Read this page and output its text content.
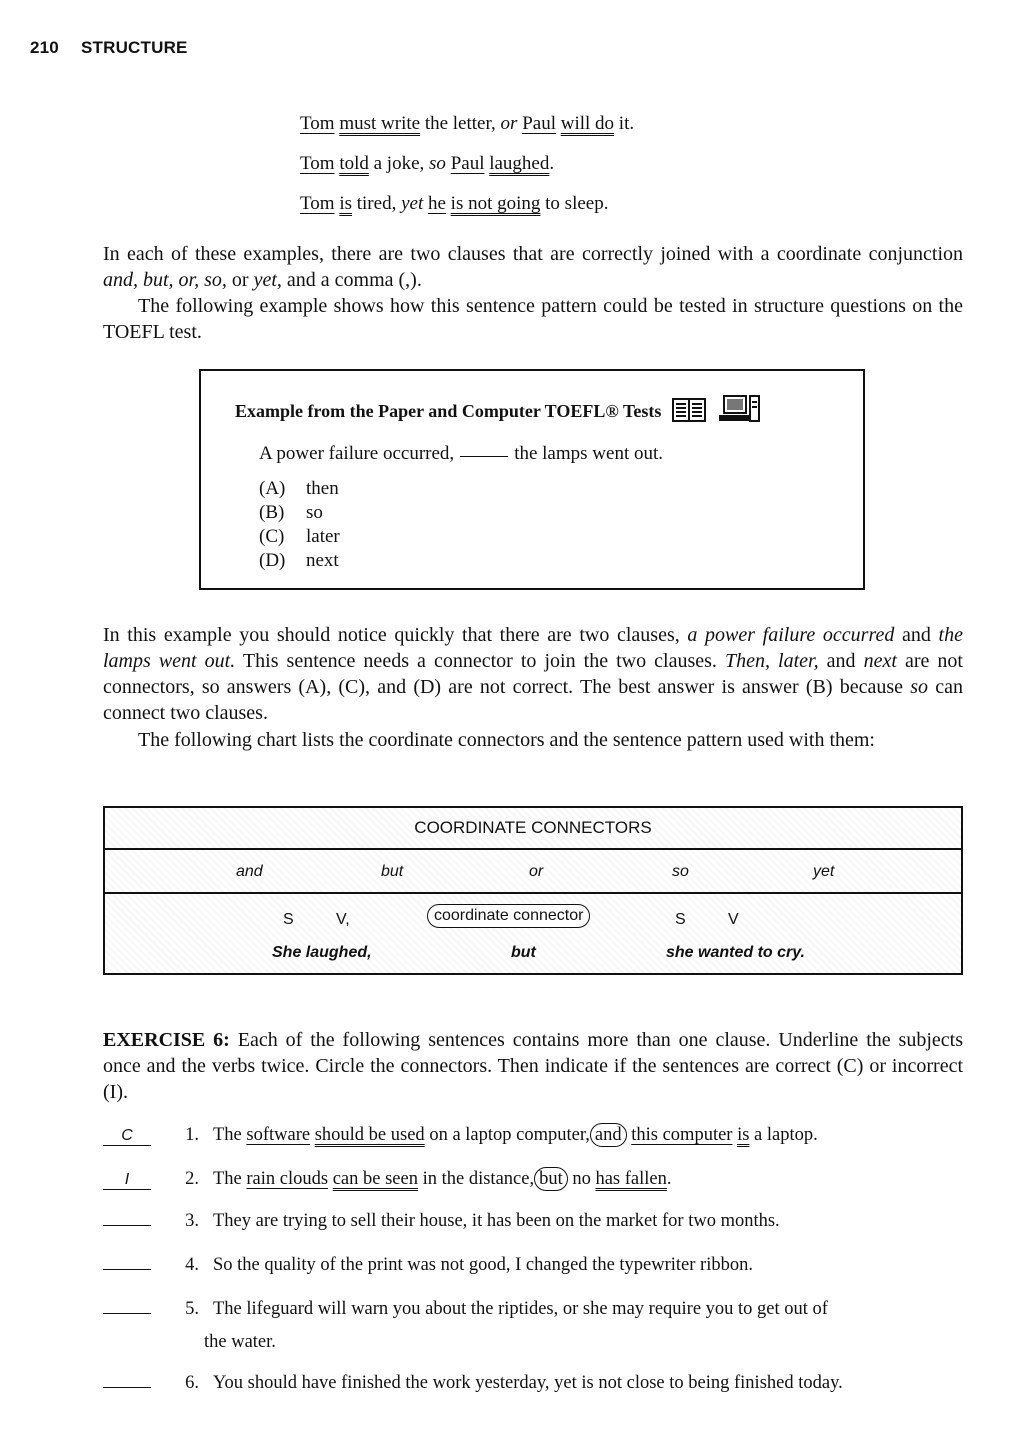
210 STRUCTURE
Tom must write the letter, or Paul will do it.
Tom told a joke, so Paul laughed.
Tom is tired, yet he is not going to sleep.
In each of these examples, there are two clauses that are correctly joined with a coordinate conjunction and, but, or, so, or yet, and a comma (,).
The following example shows how this sentence pattern could be tested in structure questions on the TOEFL test.
Example from the Paper and Computer TOEFL® Tests
A power failure occurred,	the lamps went out.
(A) then
(B) so
(C) later
(D) next
In this example you should notice quickly that there are two clauses, a power failure occurred and the lamps went out. This sentence needs a connector to join the two clauses. Then, later, and next are not connectors, so answers (A), (C), and (D) are not correct. The best answer is answer (B) because so can connect two clauses.
The following chart lists the coordinate connectors and the sentence pattern used with them:
COORDINATE CONNECTORS
and	but	or	so	yet
S	V,	coordinate connector	S	V
She laughed,	but	she wanted to cry.
EXERCISE 6: Each of the following sentences contains more than one clause. Underline the subjects once and the verbs twice. Circle the connectors. Then indicate if the sentences are correct (C) or incorrect (I).
C	1. The software should be used on a laptop computer, and this computer is a laptop.
I	2. The rain clouds can be seen in the distance, but no has fallen.
3. They are trying to sell their house, it has been on the market for two months.
4. So the quality of the print was not good, I changed the typewriter ribbon.
5. The lifeguard will warn you about the riptides, or she may require you to get out of
the water.
6. You should have finished the work yesterday, yet is not close to being finished today.
